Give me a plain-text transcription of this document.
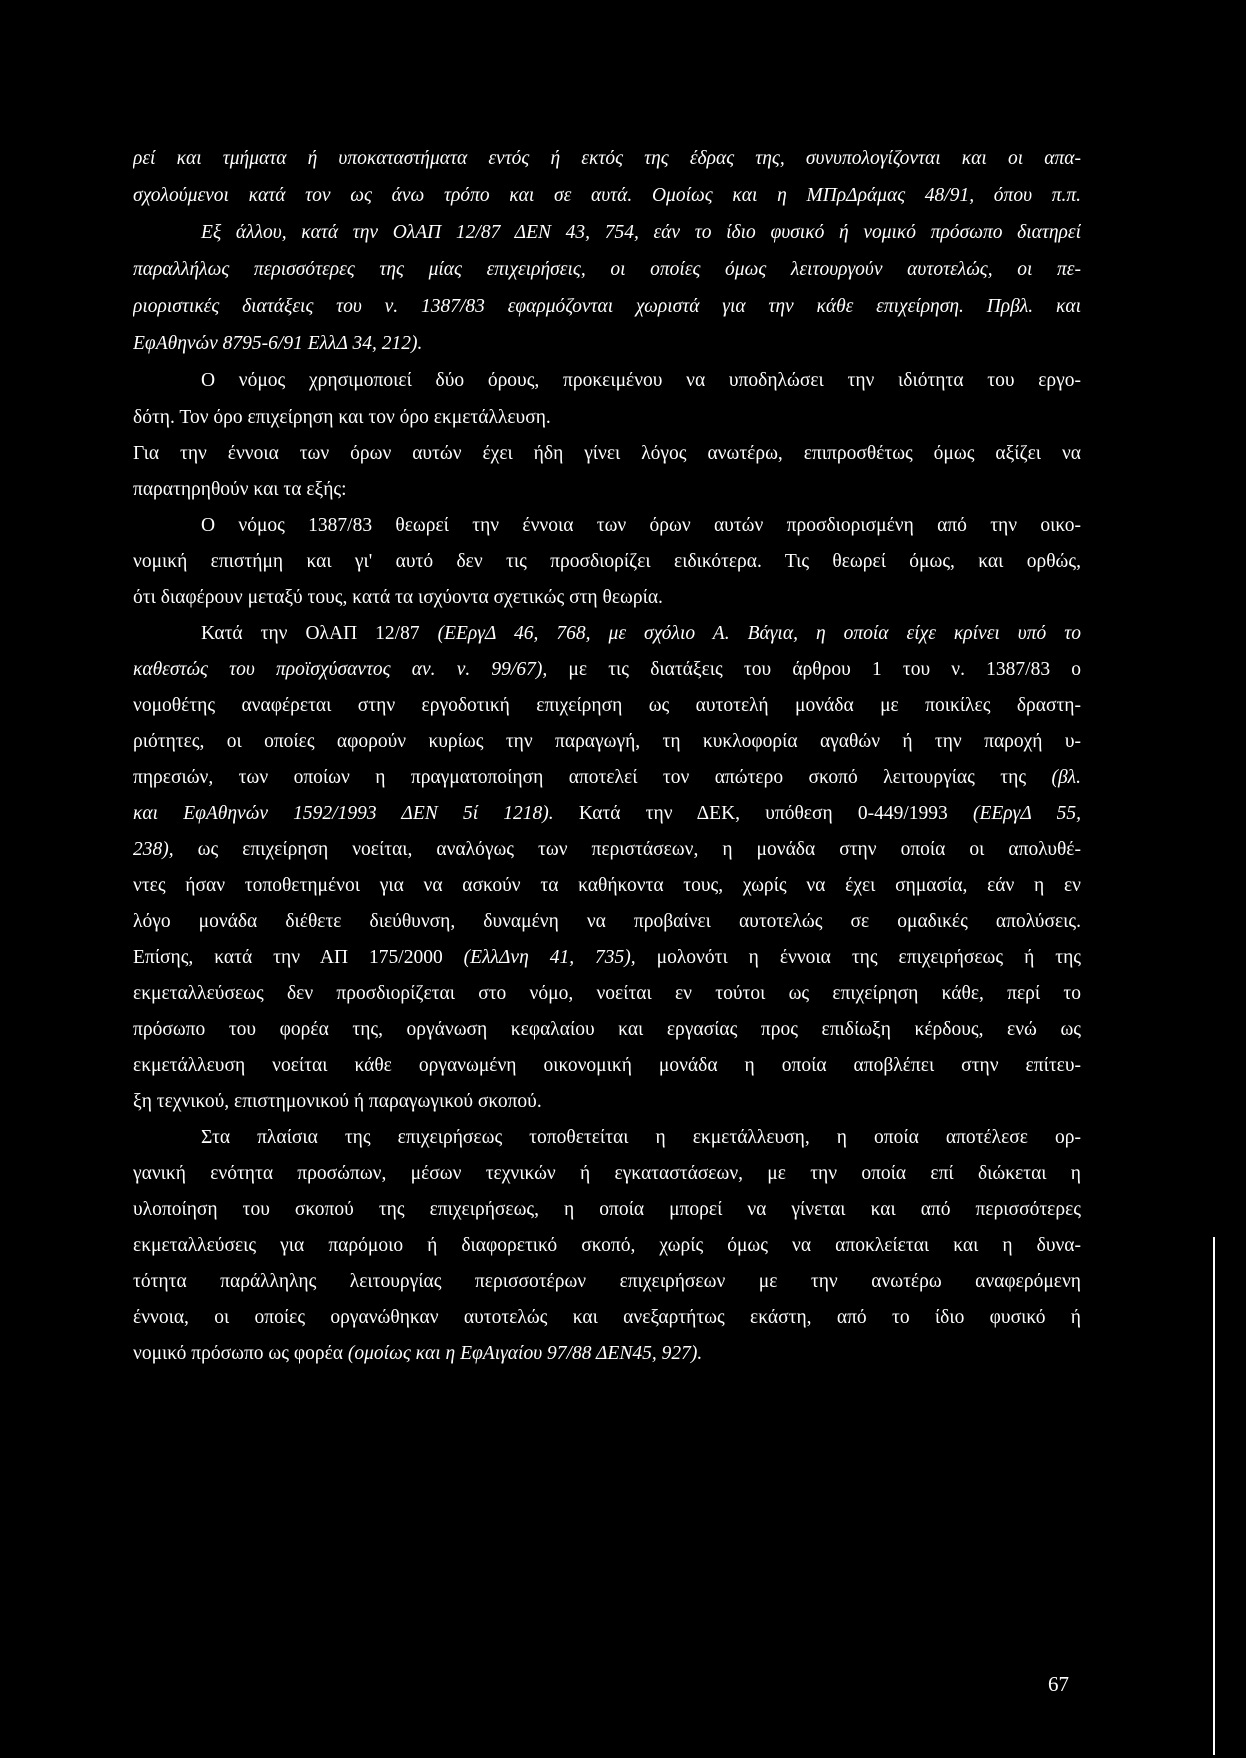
ρεί και τμήματα ή υποκαταστήματα εντός ή εκτός της έδρας της, συνυπολογίζονται και οι απα-
σχολούμενοι κατά τον ως άνω τρόπο και σε αυτά. Ομοίως και η ΜΠρΔράμας 48/91, όπου π.π.
Εξ άλλου, κατά την ΟλΑΠ 12/87 ΔΕΝ 43, 754, εάν το ίδιο φυσικό ή νομικό πρόσωπο διατηρεί
παραλλήλως περισσότερες της μίας επιχειρήσεις, οι οποίες όμως λειτουργούν αυτοτελώς, οι πε-
ριοριστικές διατάξεις του ν. 1387/83 εφαρμόζονται χωριστά για την κάθε επιχείρηση. Πρβλ. και
ΕφΑθηνών 8795-6/91 ΕλλΔ 34, 212).
Ο νόμος χρησιμοποιεί δύο όρους, προκειμένου να υποδηλώσει την ιδιότητα του εργο-
δότη. Τον όρο επιχείρηση και τον όρο εκμετάλλευση.
Για την έννοια των όρων αυτών έχει ήδη γίνει λόγος ανωτέρω, επιπροσθέτως όμως αξίζει να
παρατηρηθούν και τα εξής:
Ο νόμος 1387/83 θεωρεί την έννοια των όρων αυτών προσδιορισμένη από την οικο-
νομική επιστήμη και γι' αυτό δεν τις προσδιορίζει ειδικότερα. Τις θεωρεί όμως, και ορθώς,
ότι διαφέρουν μεταξύ τους, κατά τα ισχύοντα σχετικώς στη θεωρία.
Κατά την ΟλΑΠ 12/87 (ΕΕργΔ 46, 768, με σχόλιο Α. Βάγια, η οποία είχε κρίνει υπό το
καθεστώς του προϊσχύσαντος αν. ν. 99/67), με τις διατάξεις του άρθρου 1 του ν. 1387/83 ο
νομοθέτης αναφέρεται στην εργοδοτική επιχείρηση ως αυτοτελή μονάδα με ποικίλες δραστη-
ριότητες, οι οποίες αφορούν κυρίως την παραγωγή, τη κυκλοφορία αγαθών ή την παροχή υ-
πηρεσιών, των οποίων η πραγματοποίηση αποτελεί τον απώτερο σκοπό λειτουργίας της (βλ.
και ΕφΑθηνών 1592/1993 ΔΕΝ 5ί 1218). Κατά την ΔΕΚ, υπόθεση 0-449/1993 (ΕΕργΔ 55,
238), ως επιχείρηση νοείται, αναλόγως των περιστάσεων, η μονάδα στην οποία οι απολυθέ-
ντες ήσαν τοποθετημένοι για να ασκούν τα καθήκοντα τους, χωρίς να έχει σημασία, εάν η εν
λόγο μονάδα διέθετε διεύθυνση, δυναμένη να προβαίνει αυτοτελώς σε ομαδικές απολύσεις.
Επίσης, κατά την ΑΠ 175/2000 (ΕλλΔνη 41, 735), μολονότι η έννοια της επιχειρήσεως ή της
εκμεταλλεύσεως δεν προσδιορίζεται στο νόμο, νοείται εν τούτοι ως επιχείρηση κάθε, περί το
πρόσωπο του φορέα της, οργάνωση κεφαλαίου και εργασίας προς επιδίωξη κέρδους, ενώ ως
εκμετάλλευση νοείται κάθε οργανωμένη οικονομική μονάδα η οποία αποβλέπει στην επίτευ-
ξη τεχνικού, επιστημονικού ή παραγωγικού σκοπού.
Στα πλαίσια της επιχειρήσεως τοποθετείται η εκμετάλλευση, η οποία αποτέλεσε ορ-
γανική ενότητα προσώπων, μέσων τεχνικών ή εγκαταστάσεων, με την οποία επί διώκεται η
υλοποίηση του σκοπού της επιχειρήσεως, η οποία μπορεί να γίνεται και από περισσότερες
εκμεταλλεύσεις για παρόμοιο ή διαφορετικό σκοπό, χωρίς όμως να αποκλείεται και η δυνα-
τότητα παράλληλης λειτουργίας περισσοτέρων επιχειρήσεων με την ανωτέρω αναφερόμενη
έννοια, οι οποίες οργανώθηκαν αυτοτελώς και ανεξαρτήτως εκάστη, από το ίδιο φυσικό ή
νομικό πρόσωπο ως φορέα (ομοίως και η ΕφΑιγαίου 97/88 ΔΕΝ45, 927).
67
